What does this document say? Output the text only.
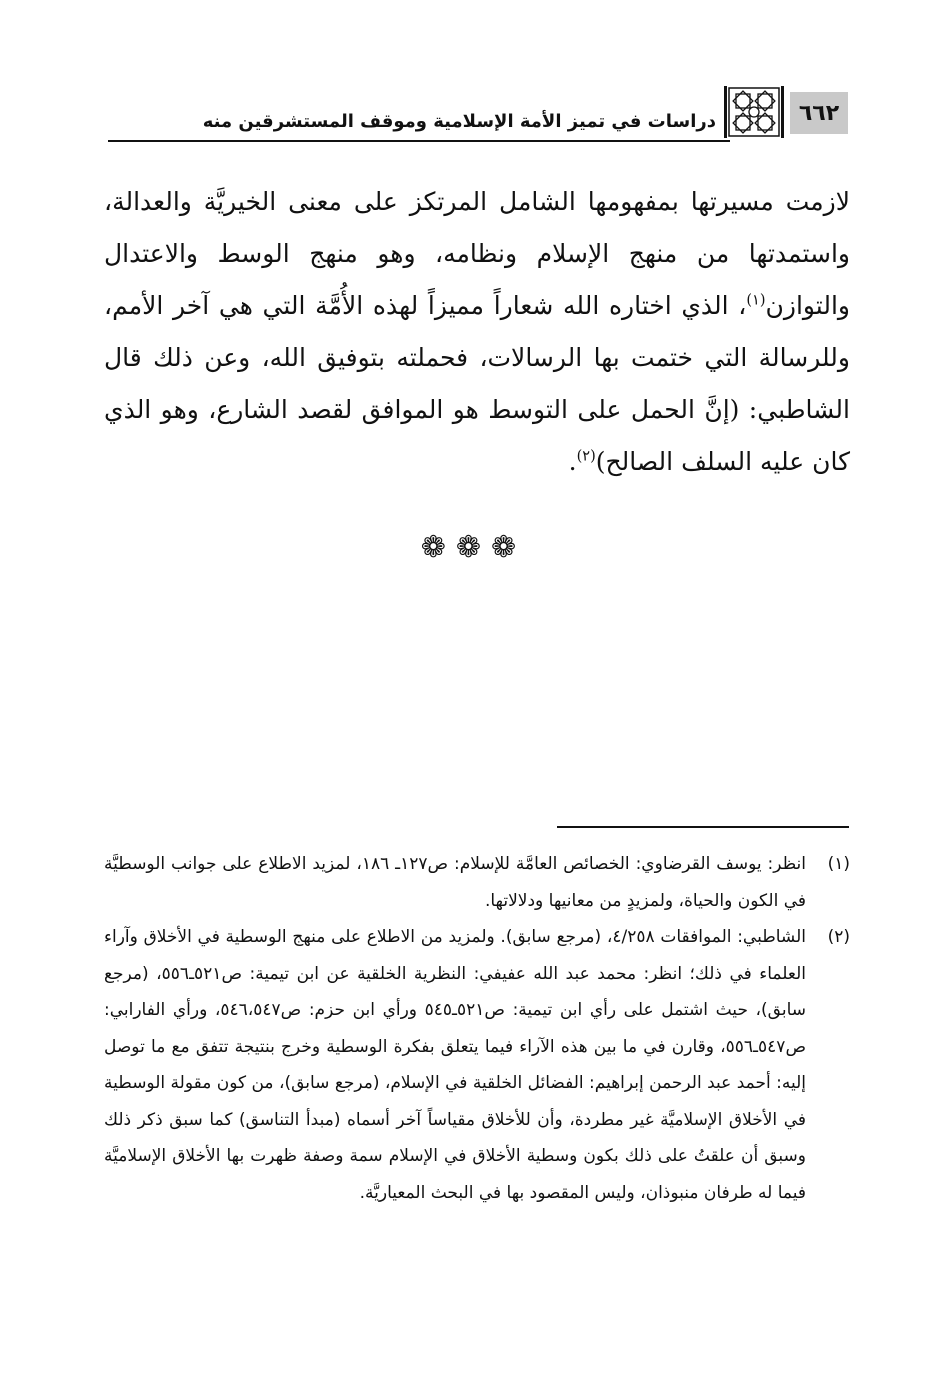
دراسات في تميز الأمة الإسلامية وموقف المستشرقين منه	٦٦٢

لازمت مسيرتها بمفهومها الشامل المرتكز على معنى الخيريَّة والعدالة، واستمدتها من منهج الإسلام ونظامه، وهو منهج الوسط والاعتدال والتوازن$^{(١)}$، الذي اختاره الله شعاراً مميزاً لهذه الأُمَّة التي هي آخر الأمم، وللرسالة التي ختمت بها الرسالات، فحملته بتوفيق الله، وعن ذلك قال الشاطبي: (إنَّ الحمل على التوسط هو الموافق لقصد الشارع، وهو الذي كان عليه السلف الصالح)$^{(٢)}$.

❁❁❁
(١)
انظر: يوسف القرضاوي: الخصائص العامَّة للإسلام: ص١٢٧ـ ١٨٦، لمزيد الاطلاع على جوانب الوسطيَّة في الكون والحياة، ولمزيدٍ من معانيها ودلالاتها.
(٢)
الشاطبي: الموافقات ٤/٢٥٨، (مرجع سابق). ولمزيد من الاطلاع على منهج الوسطية في الأخلاق وآراء العلماء في ذلك؛ انظر: محمد عبد الله عفيفي: النظرية الخلقية عن ابن تيمية: ص٥٢١ـ٥٥٦، (مرجع سابق)، حيث اشتمل على رأي ابن تيمية: ص٥٢١ـ٥٤٥ ورأي ابن حزم: ص٥٤٦،٥٤٧، ورأي الفارابي: ص٥٤٧ـ٥٥٦، وقارن في ما بين هذه الآراء فيما يتعلق بفكرة الوسطية وخرج بنتيجة تتفق مع ما توصل إليه: أحمد عبد الرحمن إبراهيم: الفضائل الخلقية في الإسلام، (مرجع سابق)، من كون مقولة الوسطية في الأخلاق الإسلاميَّة غير مطردة، وأن للأخلاق مقياساً آخر أسماه (مبدأ التناسق) كما سبق ذكر ذلك وسبق أن علقتُ على ذلك بكون وسطية الأخلاق في الإسلام سمة وصفة ظهرت بها الأخلاق الإسلاميَّة فيما له طرفان منبوذان، وليس المقصود بها في البحث المعياريَّة.
